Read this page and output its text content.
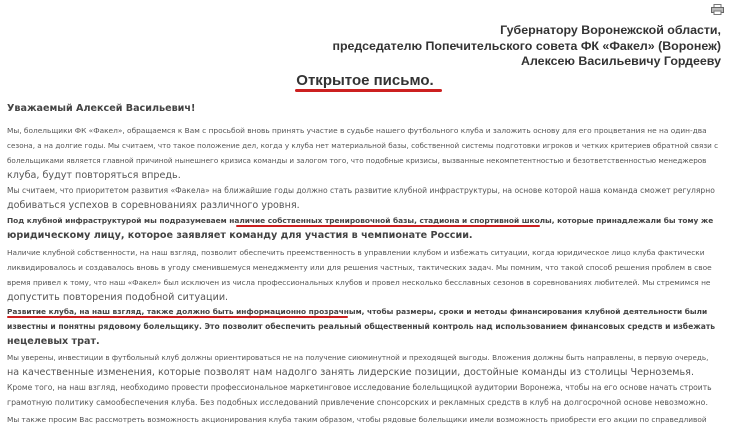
Губернатору Воронежской области,
председателю Попечительского совета ФК «Факел» (Воронеж)
Алексею Васильевичу Гордееву
Открытое письмо.
Уважаемый Алексей Васильевич!
Мы, болельщики ФК «Факел», обращаемся к Вам с просьбой вновь принять участие в судьбе нашего футбольного клуба и заложить основу для его процветания не на один-два
сезона, а на долгие годы. Мы считаем, что такое положение дел, когда у клуба нет материальной базы, собственной системы подготовки игроков и четких критериев обратной связи с
болельщиками является главной причиной нынешнего кризиса команды и залогом того, что подобные кризисы, вызванные некомпетентностью и безответственностью менеджеров
клуба, будут повторяться впредь.
Мы считаем, что приоритетом развития «Факела» на ближайшие годы должно стать развитие клубной инфраструктуры, на основе которой наша команда сможет регулярно
добиваться успехов в соревнованиях различного уровня.
Под клубной инфраструктурой мы подразумеваем наличие собственных тренировочной базы, стадиона и спортивной школы, которые принадлежали бы тому же
юридическому лицу, которое заявляет команду для участия в чемпионате России.
Наличие клубной собственности, на наш взгляд, позволит обеспечить преемственность в управлении клубом и избежать ситуации, когда юридическое лицо клуба фактически
ликвидировалось и создавалось вновь в угоду сменившемуся менеджменту или для решения частных, тактических задач. Мы помним, что такой способ решения проблем в свое
время привел к тому, что наш «Факел» был исключен из числа профессиональных клубов и провел несколько бесславных сезонов в соревнованиях любителей. Мы стремимся не
допустить повторения подобной ситуации.
Развитие клуба, на наш взгляд, также должно быть информационно прозрачным, чтобы размеры, сроки и методы финансирования клубной деятельности были
известны и понятны рядовому болельщику. Это позволит обеспечить реальный общественный контроль над использованием финансовых средств и избежать
нецелевых трат.
Мы уверены, инвестиции в футбольный клуб должны ориентироваться не на получение сиюминутной и преходящей выгоды. Вложения должны быть направлены, в первую очередь,
на качественные изменения, которые позволят нам надолго занять лидерские позиции, достойные команды из столицы Черноземья.
Кроме того, на наш взгляд, необходимо провести профессиональное маркетинговое исследование болельщицкой аудитории Воронежа, чтобы на его основе начать строить
грамотную политику самообеспечения клуба. Без подобных исследований привлечение спонсорских и рекламных средств в клуб на долгосрочной основе невозможно.
Мы также просим Вас рассмотреть возможность акционирования клуба таким образом, чтобы рядовые болельщики имели возможность приобрести его акции по справедливой
